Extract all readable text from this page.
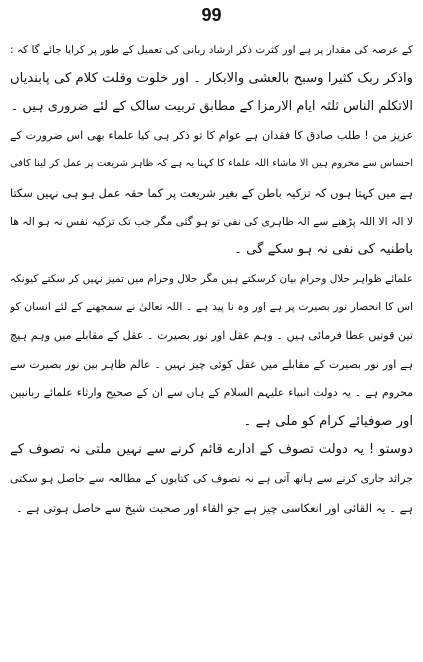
99
کے عرصہ کی مقدار پر ہے اور کثرت ذکر ارشاد ربانی کی تعمیل کے طور پر کرایا جائے گا کہ :
واذکر ربک کثیرا وسبح بالعشی والابکار ۔ اور خلوت وقلت کلام کی پابندیاں
الاتکلم الناس ثلثہ ایام الارمزا کے مطابق تربیت سالک کے لئے ضروری ہیں ۔
عزیز من ! طلب صادق کا فقدان ہے عوام کا تو ذکر ہی کیا علماء بھی اس ضرورت کے
احساس سے محروم ہیں الا ماشاء اللہ علماء کا کہنا یہ ہے کہ ظاہر شریعت پر عمل کر لینا کافی
ہے میں کہتا ہوں کہ تزکیہ باطن کے بغیر شریعت پر کما حقہ عمل ہو ہی نہیں سکتا
لا الہ الا اللہ پڑھنے سے الہ ظاہری کی نفی تو ہو گئی مگر جب تک تزکیہ نفس نہ ہو الہ ھا
باطنیہ کی نفی نہ ہو سکے گی ۔
علمائے ظواہر حلال وحرام بیان کرسکتے ہیں مگر حلال وحرام میں تمیز نہیں کر سکتے کیونکہ
اس کا انحصار نور بصیرت پر ہے اور وہ نا پید ہے ۔ اللہ تعالیٰ نے سمجھنے کے لئے انسان کو
تین قوتیں عطا فرمائی ہیں ۔ وہم عقل اور نور بصیرت ۔ عقل کے مقابلے میں وہم ہیچ
ہے اور نور بصیرت کے مقابلے میں عقل کوئی چیز نہیں ۔ عالم ظاہر بین نور بصیرت سے
محروم ہے ۔ یہ دولت انبیاء علیہم السلام کے ہاں سے ان کے صحیح وارثاء علمائے ربانیین
اور صوفیائے کرام کو ملی ہے ۔
دوستو ! یہ دولت تصوف کے ادارے قائم کرنے سے نہیں ملتی نہ تصوف کے
جرائد جاری کرنے سے ہاتھ آتی ہے نہ تصوف کی کتابوں کے مطالعہ سے حاصل ہو سکتی
ہے ۔ یہ القائی اور انعکاسی چیز ہے جو القاء اور صحبت شیخ سے حاصل ہوتی ہے ۔
